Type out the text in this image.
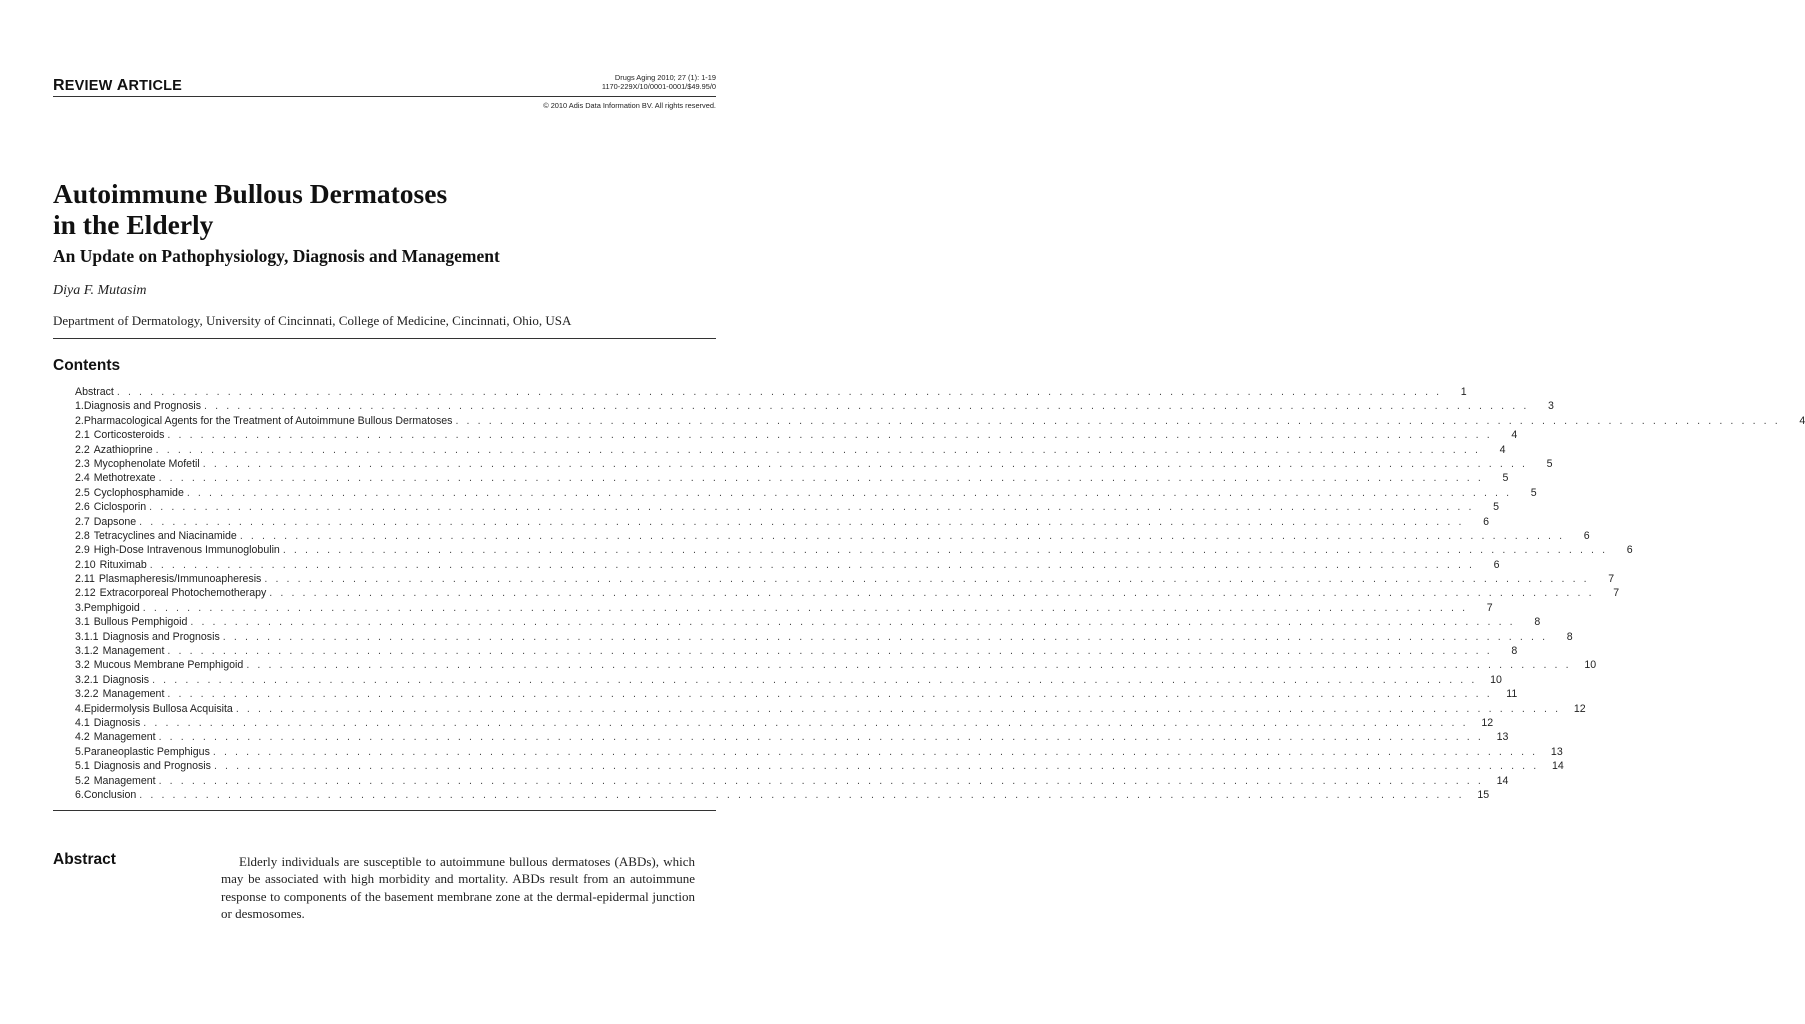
REVIEW ARTICLE
Drugs Aging 2010; 27 (1): 1-19
1170-229X/10/0001-0001/$49.95/0
© 2010 Adis Data Information BV. All rights reserved.
Autoimmune Bullous Dermatoses
in the Elderly
An Update on Pathophysiology, Diagnosis and Management
Diya F. Mutasim
Department of Dermatology, University of Cincinnati, College of Medicine, Cincinnati, Ohio, USA
Contents
Abstract . . . . . . . . . . . . . . . . . . . . . . . . . . . . . . . . . . . . . . . . . . . . . . . . . . . . . . . . . . . . . . . . . . . . . . . . . . . . . . . . . . . . . . . . . . . . . . . . . . . . . . . . . . . . . . . . . . . . . . . .	1
1. Diagnosis and Prognosis . . . . . . . . . . . . . . . . . . . . . . . . . . . . . . . . . . . . . . . . . . . . . . . . . . . . . . . . . . . . . . . . . . . . . . . . . . . . . . . . . . . . . . . . . . . . . . . . . . . . . . . . . . . . . . . . . . . . . . . .	3
2. Pharmacological Agents for the Treatment of Autoimmune Bullous Dermatoses . . . . . . . . . . . . . . . . . . . . . . . . . . . . . . . . . . . . . . . . . . . . . . . . . . . . . . . . . . . . . . . . . . . . . . . . . . . . . . . . . . . . . . . . . . . . . . . . . . . . . . . . . . . . . . . . . . . . . . . .	4
2.1 Corticosteroids . . . . . . . . . . . . . . . . . . . . . . . . . . . . . . . . . . . . . . . . . . . . . . . . . . . . . . . . . . . . . . . . . . . . . . . . . . . . . . . . . . . . . . . . . . . . . . . . . . . . . . . . . . . . . . . . . . . . . . . .	4
2.2 Azathioprine . . . . . . . . . . . . . . . . . . . . . . . . . . . . . . . . . . . . . . . . . . . . . . . . . . . . . . . . . . . . . . . . . . . . . . . . . . . . . . . . . . . . . . . . . . . . . . . . . . . . . . . . . . . . . . . . . . . . . . . .	4
2.3 Mycophenolate Mofetil . . . . . . . . . . . . . . . . . . . . . . . . . . . . . . . . . . . . . . . . . . . . . . . . . . . . . . . . . . . . . . . . . . . . . . . . . . . . . . . . . . . . . . . . . . . . . . . . . . . . . . . . . . . . . . . . . . . . . . . .	5
2.4 Methotrexate . . . . . . . . . . . . . . . . . . . . . . . . . . . . . . . . . . . . . . . . . . . . . . . . . . . . . . . . . . . . . . . . . . . . . . . . . . . . . . . . . . . . . . . . . . . . . . . . . . . . . . . . . . . . . . . . . . . . . . . .	5
2.5 Cyclophosphamide . . . . . . . . . . . . . . . . . . . . . . . . . . . . . . . . . . . . . . . . . . . . . . . . . . . . . . . . . . . . . . . . . . . . . . . . . . . . . . . . . . . . . . . . . . . . . . . . . . . . . . . . . . . . . . . . . . . . . . . .	5
2.6 Ciclosporin . . . . . . . . . . . . . . . . . . . . . . . . . . . . . . . . . . . . . . . . . . . . . . . . . . . . . . . . . . . . . . . . . . . . . . . . . . . . . . . . . . . . . . . . . . . . . . . . . . . . . . . . . . . . . . . . . . . . . . . .	5
2.7 Dapsone . . . . . . . . . . . . . . . . . . . . . . . . . . . . . . . . . . . . . . . . . . . . . . . . . . . . . . . . . . . . . . . . . . . . . . . . . . . . . . . . . . . . . . . . . . . . . . . . . . . . . . . . . . . . . . . . . . . . . . . .	6
2.8 Tetracyclines and Niacinamide . . . . . . . . . . . . . . . . . . . . . . . . . . . . . . . . . . . . . . . . . . . . . . . . . . . . . . . . . . . . . . . . . . . . . . . . . . . . . . . . . . . . . . . . . . . . . . . . . . . . . . . . . . . . . . . . . . . . . . . .	6
2.9 High-Dose Intravenous Immunoglobulin . . . . . . . . . . . . . . . . . . . . . . . . . . . . . . . . . . . . . . . . . . . . . . . . . . . . . . . . . . . . . . . . . . . . . . . . . . . . . . . . . . . . . . . . . . . . . . . . . . . . . . . . . . . . . . . . . . . . . . . .	6
2.10 Rituximab . . . . . . . . . . . . . . . . . . . . . . . . . . . . . . . . . . . . . . . . . . . . . . . . . . . . . . . . . . . . . . . . . . . . . . . . . . . . . . . . . . . . . . . . . . . . . . . . . . . . . . . . . . . . . . . . . . . . . . . .	6
2.11 Plasmapheresis/Immunoapheresis . . . . . . . . . . . . . . . . . . . . . . . . . . . . . . . . . . . . . . . . . . . . . . . . . . . . . . . . . . . . . . . . . . . . . . . . . . . . . . . . . . . . . . . . . . . . . . . . . . . . . . . . . . . . . . . . . . . . . . . .	7
2.12 Extracorporeal Photochemotherapy . . . . . . . . . . . . . . . . . . . . . . . . . . . . . . . . . . . . . . . . . . . . . . . . . . . . . . . . . . . . . . . . . . . . . . . . . . . . . . . . . . . . . . . . . . . . . . . . . . . . . . . . . . . . . . . . . . . . . . . .	7
3. Pemphigoid . . . . . . . . . . . . . . . . . . . . . . . . . . . . . . . . . . . . . . . . . . . . . . . . . . . . . . . . . . . . . . . . . . . . . . . . . . . . . . . . . . . . . . . . . . . . . . . . . . . . . . . . . . . . . . . . . . . . . . . .	7
3.1 Bullous Pemphigoid . . . . . . . . . . . . . . . . . . . . . . . . . . . . . . . . . . . . . . . . . . . . . . . . . . . . . . . . . . . . . . . . . . . . . . . . . . . . . . . . . . . . . . . . . . . . . . . . . . . . . . . . . . . . . . . . . . . . . . . .	8
3.1.1 Diagnosis and Prognosis . . . . . . . . . . . . . . . . . . . . . . . . . . . . . . . . . . . . . . . . . . . . . . . . . . . . . . . . . . . . . . . . . . . . . . . . . . . . . . . . . . . . . . . . . . . . . . . . . . . . . . . . . . . . . . . . . . . . . . . .	8
3.1.2 Management . . . . . . . . . . . . . . . . . . . . . . . . . . . . . . . . . . . . . . . . . . . . . . . . . . . . . . . . . . . . . . . . . . . . . . . . . . . . . . . . . . . . . . . . . . . . . . . . . . . . . . . . . . . . . . . . . . . . . . . .	8
3.2 Mucous Membrane Pemphigoid . . . . . . . . . . . . . . . . . . . . . . . . . . . . . . . . . . . . . . . . . . . . . . . . . . . . . . . . . . . . . . . . . . . . . . . . . . . . . . . . . . . . . . . . . . . . . . . . . . . . . . . . . . . . . . . . . . . . . . . .	10
3.2.1 Diagnosis . . . . . . . . . . . . . . . . . . . . . . . . . . . . . . . . . . . . . . . . . . . . . . . . . . . . . . . . . . . . . . . . . . . . . . . . . . . . . . . . . . . . . . . . . . . . . . . . . . . . . . . . . . . . . . . . . . . . . . . .	10
3.2.2 Management . . . . . . . . . . . . . . . . . . . . . . . . . . . . . . . . . . . . . . . . . . . . . . . . . . . . . . . . . . . . . . . . . . . . . . . . . . . . . . . . . . . . . . . . . . . . . . . . . . . . . . . . . . . . . . . . . . . . . . . .	11
4. Epidermolysis Bullosa Acquisita . . . . . . . . . . . . . . . . . . . . . . . . . . . . . . . . . . . . . . . . . . . . . . . . . . . . . . . . . . . . . . . . . . . . . . . . . . . . . . . . . . . . . . . . . . . . . . . . . . . . . . . . . . . . . . . . . . . . . . . .	12
4.1 Diagnosis . . . . . . . . . . . . . . . . . . . . . . . . . . . . . . . . . . . . . . . . . . . . . . . . . . . . . . . . . . . . . . . . . . . . . . . . . . . . . . . . . . . . . . . . . . . . . . . . . . . . . . . . . . . . . . . . . . . . . . . .	12
4.2 Management . . . . . . . . . . . . . . . . . . . . . . . . . . . . . . . . . . . . . . . . . . . . . . . . . . . . . . . . . . . . . . . . . . . . . . . . . . . . . . . . . . . . . . . . . . . . . . . . . . . . . . . . . . . . . . . . . . . . . . . .	13
5. Paraneoplastic Pemphigus . . . . . . . . . . . . . . . . . . . . . . . . . . . . . . . . . . . . . . . . . . . . . . . . . . . . . . . . . . . . . . . . . . . . . . . . . . . . . . . . . . . . . . . . . . . . . . . . . . . . . . . . . . . . . . . . . . . . . . . .	13
5.1 Diagnosis and Prognosis . . . . . . . . . . . . . . . . . . . . . . . . . . . . . . . . . . . . . . . . . . . . . . . . . . . . . . . . . . . . . . . . . . . . . . . . . . . . . . . . . . . . . . . . . . . . . . . . . . . . . . . . . . . . . . . . . . . . . . . .	14
5.2 Management . . . . . . . . . . . . . . . . . . . . . . . . . . . . . . . . . . . . . . . . . . . . . . . . . . . . . . . . . . . . . . . . . . . . . . . . . . . . . . . . . . . . . . . . . . . . . . . . . . . . . . . . . . . . . . . . . . . . . . . .	14
6. Conclusion . . . . . . . . . . . . . . . . . . . . . . . . . . . . . . . . . . . . . . . . . . . . . . . . . . . . . . . . . . . . . . . . . . . . . . . . . . . . . . . . . . . . . . . . . . . . . . . . . . . . . . . . . . . . . . . . . . . . . . . .	15
Abstract	Elderly individuals are susceptible to autoimmune bullous dermatoses (ABDs), which may be associated with high morbidity and mortality. ABDs result from an autoimmune response to components of the basement membrane zone at the dermal-epidermal junction or desmosomes.
